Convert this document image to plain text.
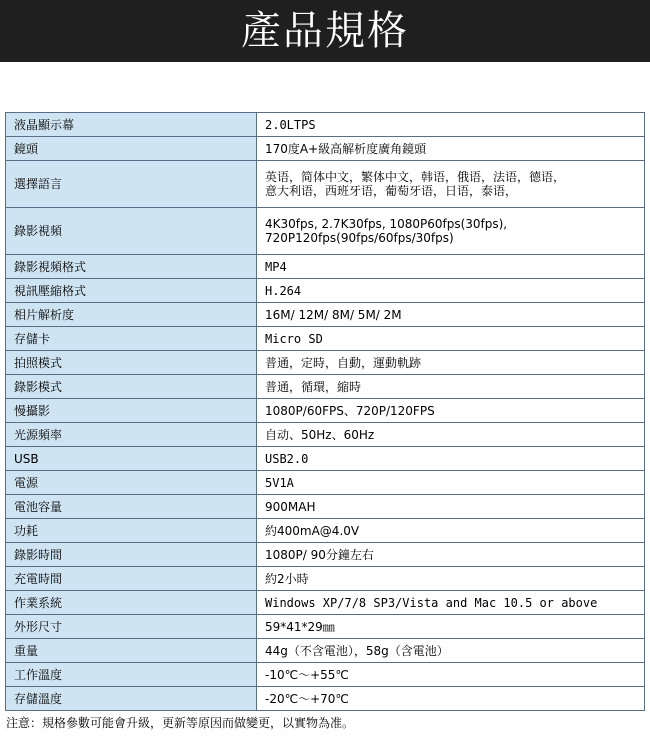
產品規格
液晶顯示幕	2.0LTPS
鏡頭	170度A+級高解析度廣角鏡頭
選擇語言	英语，简体中文，繁体中文，韩语，俄语，法语，德语，
意大利语，西班牙语，葡萄牙语，日语，泰语，
錄影視頻	4K30fps, 2.7K30fps, 1080P60fps(30fps),
720P120fps(90fps/60fps/30fps)
錄影視頻格式	MP4
視訊壓縮格式	H.264
相片解析度	16M/ 12M/ 8M/ 5M/ 2M
存儲卡	Micro SD
拍照模式	普通，定時，自動，運動軌跡
錄影模式	普通，循環，縮時
慢攝影	1080P/60FPS、720P/120FPS
光源頻率	自动、50Hz、60Hz
USB	USB2.0
電源	5V1A
電池容量	900MAH
功耗	約400mA@4.0V
錄影時間	1080P/ 90分鐘左右
充電時間	約2小時
作業系統	Windows XP/7/8 SP3/Vista and Mac 10.5 or above
外形尺寸	59*41*29㎜
重量	44g（不含電池），58g（含電池）
工作溫度	-10℃～+55℃
存儲溫度	-20℃～+70℃
注意：規格參數可能會升級，更新等原因而做變更，以實物為准。
